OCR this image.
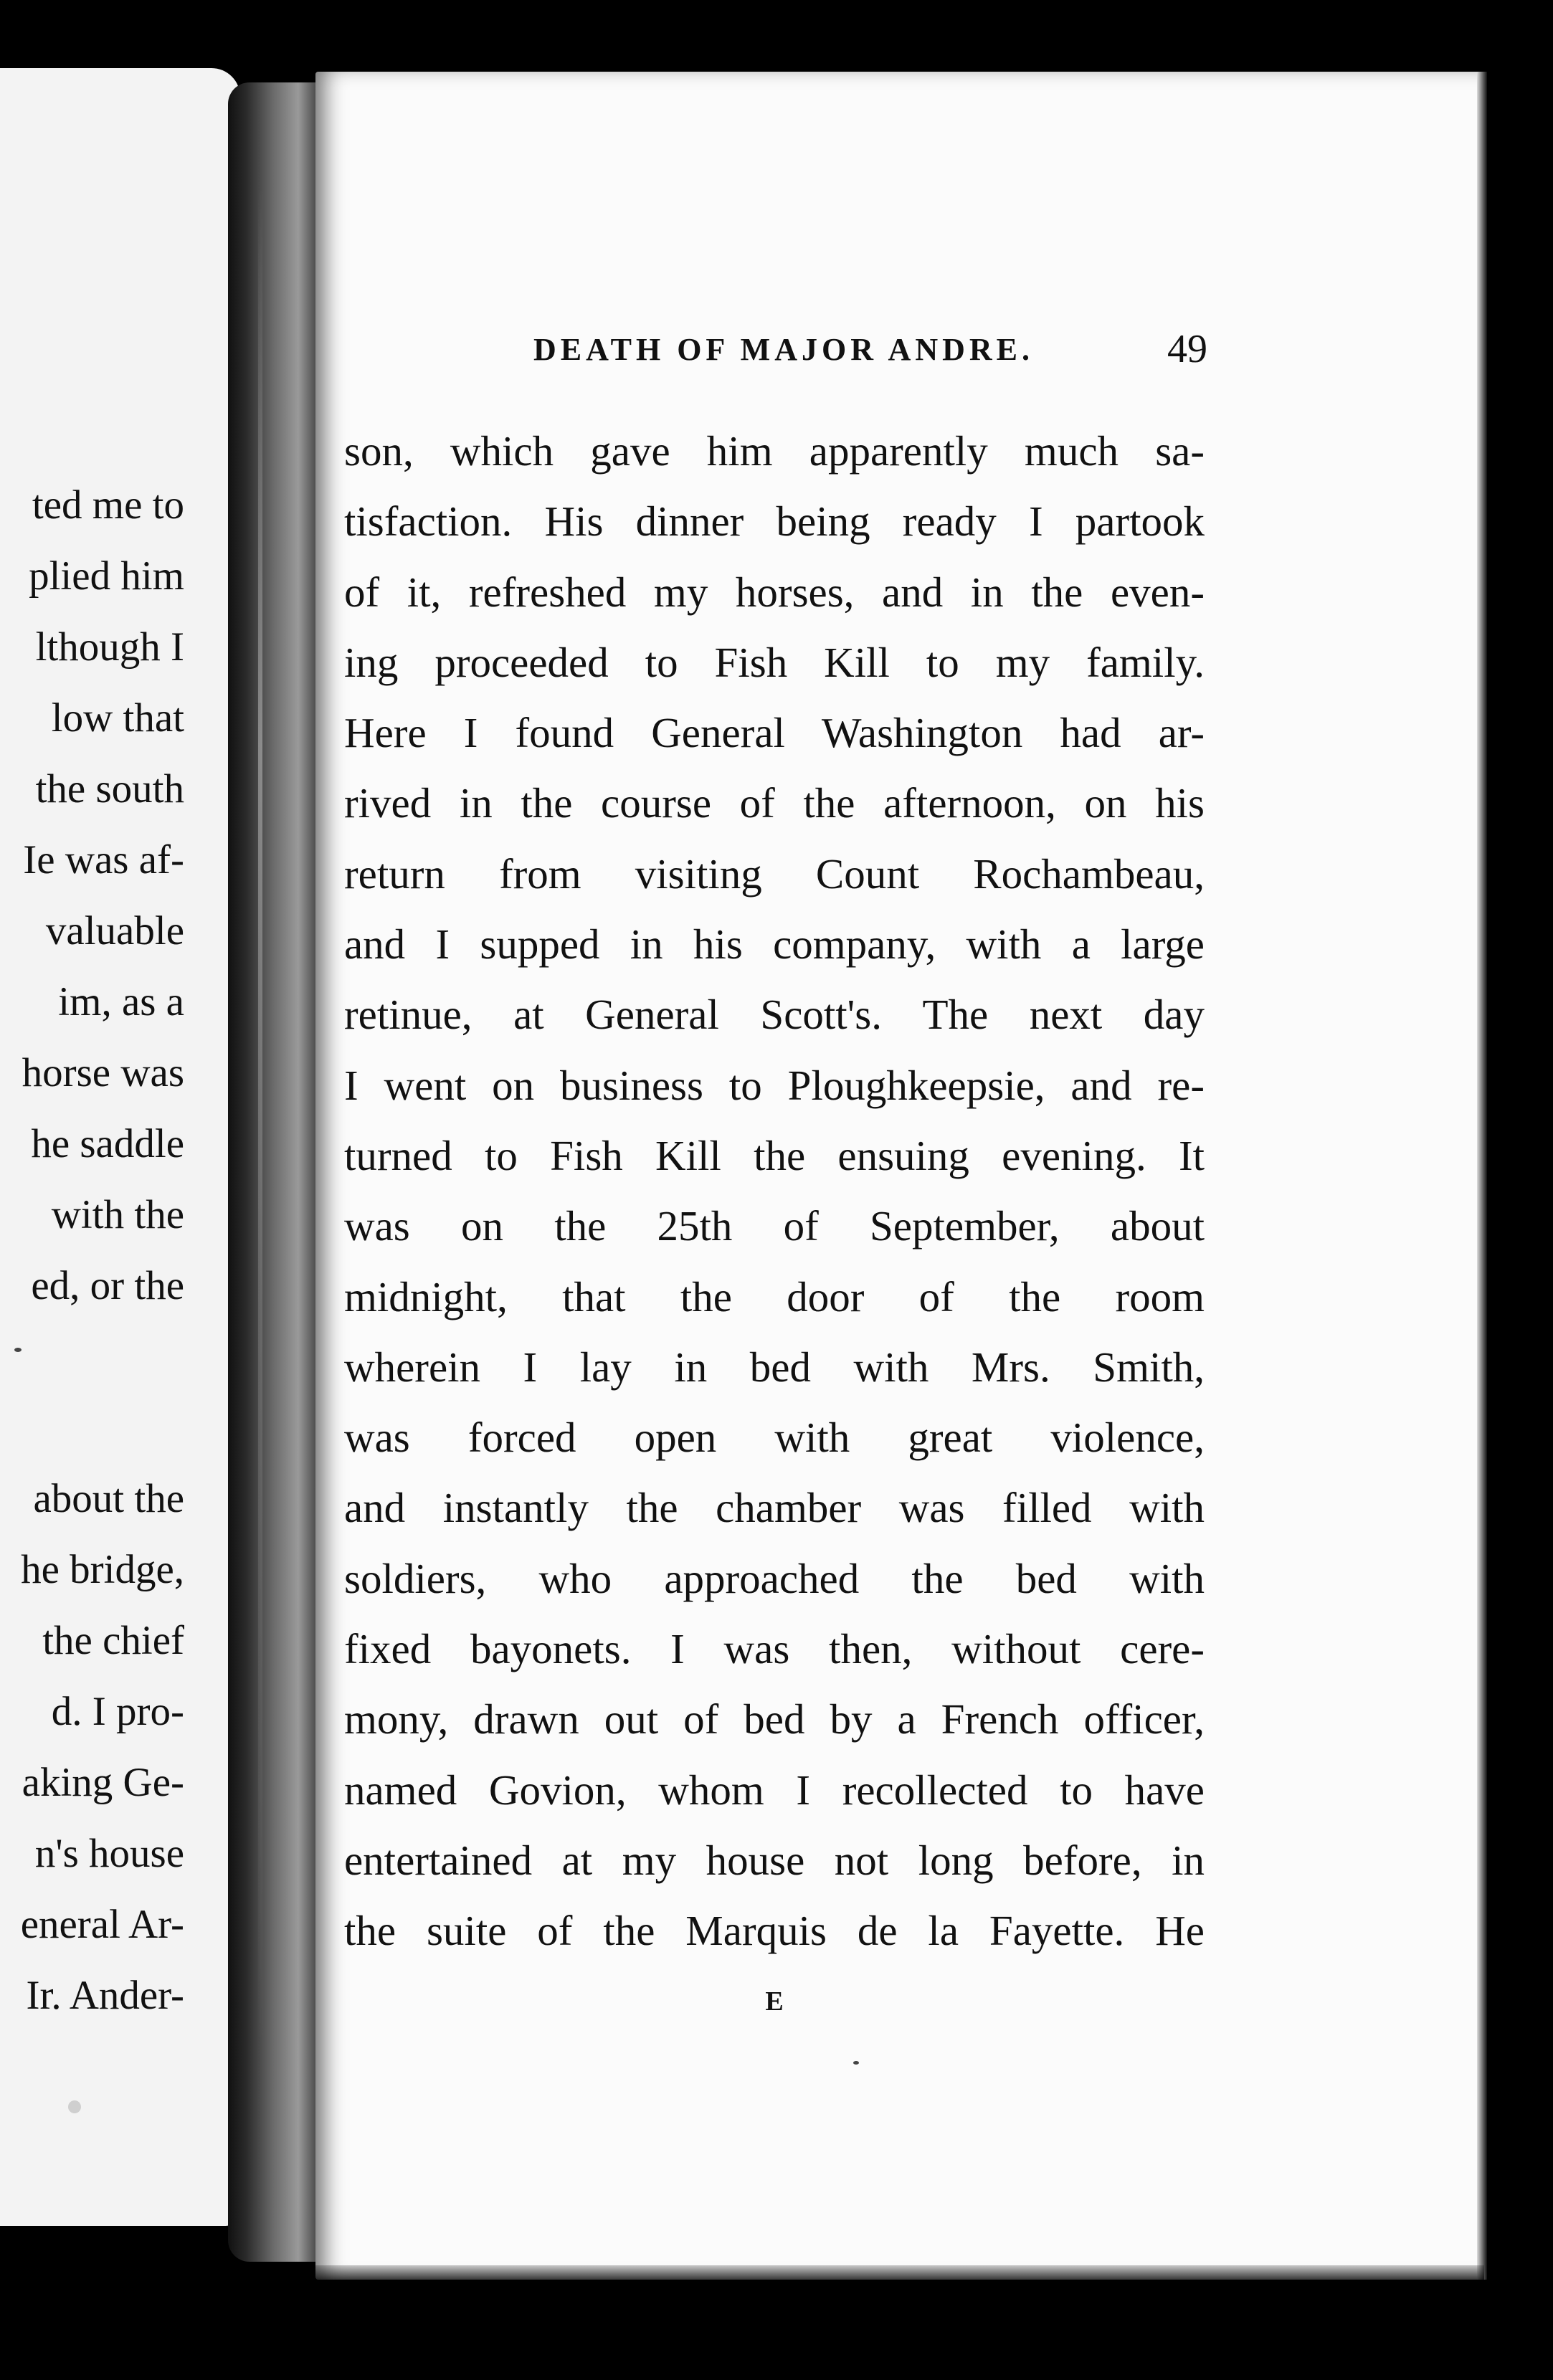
ted me to
plied him
lthough I
low that
the south
Ie was af-
valuable
im, as a
horse was
he saddle
with the
ed, or the
about the
he bridge,
the chief
d. I pro-
aking Ge-
n's house
eneral Ar-
Ir. Ander-
DEATH OF MAJOR ANDRE.	49
son, which gave him apparently much sa-
tisfaction. His dinner being ready I partook
of it, refreshed my horses, and in the even-
ing proceeded to Fish Kill to my family.
Here I found General Washington had ar-
rived in the course of the afternoon, on his
return from visiting Count Rochambeau,
and I supped in his company, with a large
retinue, at General Scott's. The next day
I went on business to Ploughkeepsie, and re-
turned to Fish Kill the ensuing evening. It
was on the 25th of September, about
midnight, that the door of the room
wherein I lay in bed with Mrs. Smith,
was forced open with great violence,
and instantly the chamber was filled with
soldiers, who approached the bed with
fixed bayonets. I was then, without cere-
mony, drawn out of bed by a French officer,
named Govion, whom I recollected to have
entertained at my house not long before, in
the suite of the Marquis de la Fayette. He
E
